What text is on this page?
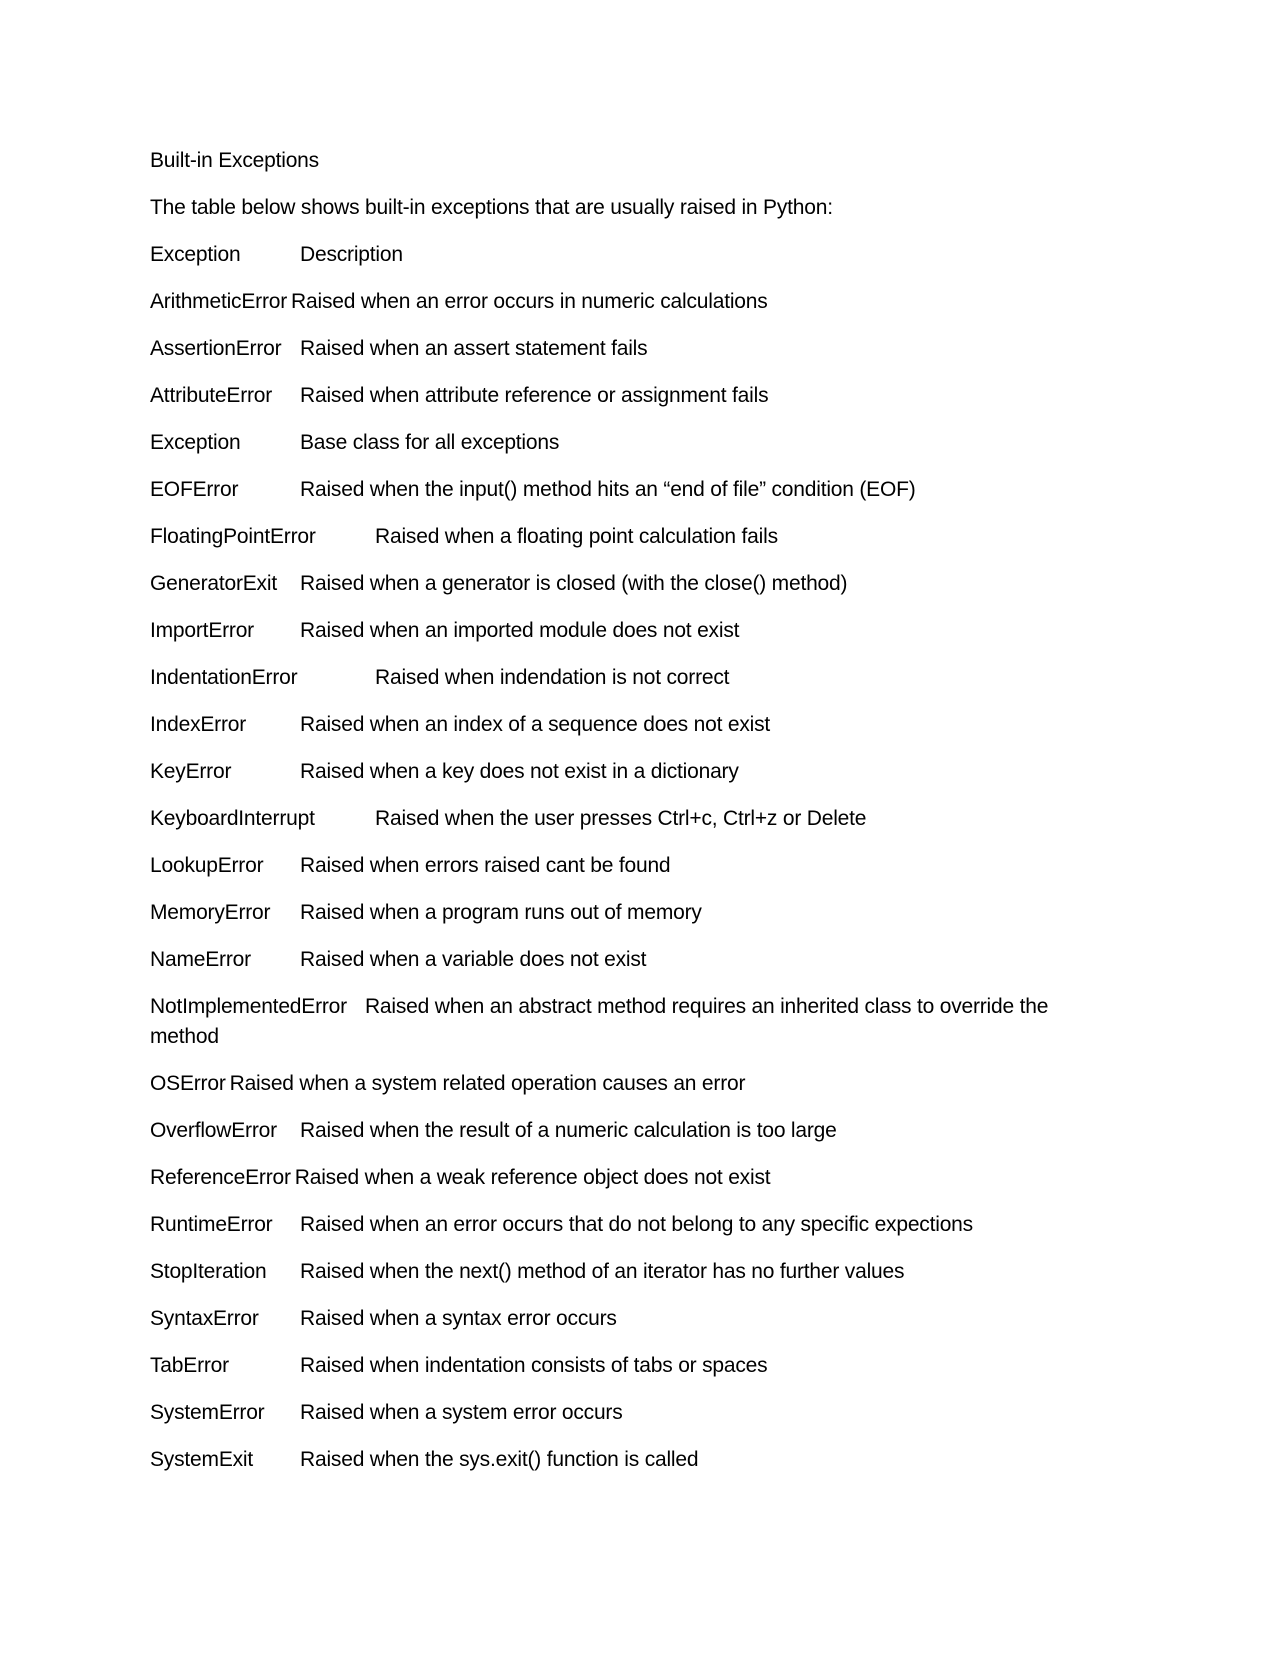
Built-in Exceptions

The table below shows built-in exceptions that are usually raised in Python:

Exception	Description
ArithmeticError Raised when an error occurs in numeric calculations
AssertionError Raised when an assert statement fails
AttributeError Raised when attribute reference or assignment fails
Exception	Base class for all exceptions
EOFError	Raised when the input() method hits an “end of file” condition (EOF)
FloatingPointError	Raised when a floating point calculation fails
GeneratorExit Raised when a generator is closed (with the close() method)
ImportError Raised when an imported module does not exist
IndentationError	Raised when indendation is not correct
IndexError	Raised when an index of a sequence does not exist
KeyError	Raised when a key does not exist in a dictionary
KeyboardInterrupt	Raised when the user presses Ctrl+c, Ctrl+z or Delete
LookupError Raised when errors raised cant be found
MemoryError Raised when a program runs out of memory
NameError Raised when a variable does not exist
NotImplementedError Raised when an abstract method requires an inherited class to override the method
OSError Raised when a system related operation causes an error
OverflowError Raised when the result of a numeric calculation is too large
ReferenceError Raised when a weak reference object does not exist
RuntimeError Raised when an error occurs that do not belong to any specific expections
StopIteration Raised when the next() method of an iterator has no further values
SyntaxError Raised when a syntax error occurs
TabError	Raised when indentation consists of tabs or spaces
SystemError Raised when a system error occurs
SystemExit Raised when the sys.exit() function is called
